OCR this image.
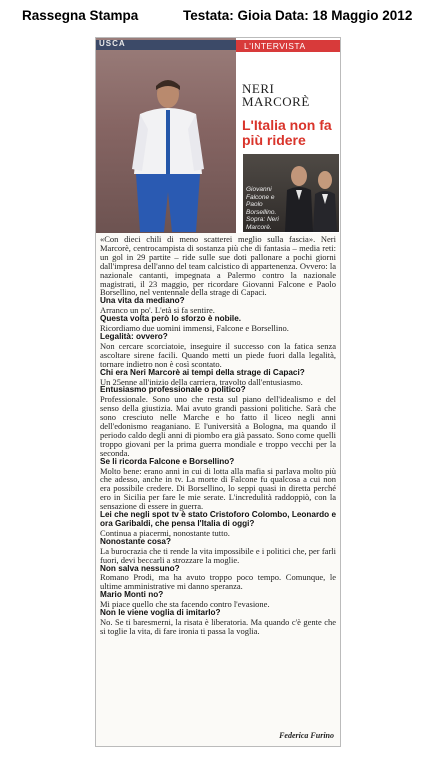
Rassegna Stampa	Testata: Gioia Data: 18 Maggio 2012
USCA	L'INTERVISTA
NERI
MARCORÈ
L'Italia non fa più ridere
Giovanni Falcone e Paolo Borsellino. Sopra: Neri Marcorè.

«Con dieci chili di meno scatterei meglio sulla fascia». Neri Marcorè, centrocampista di sostanza più che di fantasia – media reti: un gol in 29 partite – ride sulle sue doti pallonare a pochi giorni dall'impresa dell'anno del team calcistico di appartenenza. Ovvero: la nazionale cantanti, impegnata a Palermo contro la nazionale magistrati, il 23 maggio, per ricordare Giovanni Falcone e Paolo Borsellino, nel ventennale della strage di Capaci.

Una vita da mediano?

Arranco un po'. L'età si fa sentire.

Questa volta però lo sforzo è nobile.

Ricordiamo due uomini immensi, Falcone e Borsellino.

Legalità: ovvero?

Non cercare scorciatoie, inseguire il successo con la fatica senza ascoltare sirene facili. Quando metti un piede fuori dalla legalità, tornare indietro non è così scontato.

Chi era Neri Marcorè ai tempi della strage di Capaci?

Un 25enne all'inizio della carriera, travolto dall'entusiasmo.

Entusiasmo professionale o politico?

Professionale. Sono uno che resta sul piano dell'idealismo e del senso della giustizia. Mai avuto grandi passioni politiche. Sarà che sono cresciuto nelle Marche e ho fatto il liceo negli anni dell'edonismo reaganiano. E l'università a Bologna, ma quando il periodo caldo degli anni di piombo era già passato. Sono come quelli troppo giovani per la prima guerra mondiale e troppo vecchi per la seconda.

Se li ricorda Falcone e Borsellino?

Molto bene: erano anni in cui di lotta alla mafia si parlava molto più che adesso, anche in tv. La morte di Falcone fu qualcosa a cui non era possibile credere. Di Borsellino, lo seppi quasi in diretta perché ero in Sicilia per fare le mie serate. L'incredulità raddoppiò, con la sensazione di essere in guerra.

Lei che negli spot tv è stato Cristoforo Colombo, Leonardo e ora Garibaldi, che pensa l'Italia di oggi?

Continua a piacermi, nonostante tutto.

Nonostante cosa?

La burocrazia che ti rende la vita impossibile e i politici che, per farli fuori, devi beccarli a strozzare la moglie.

Non salva nessuno?

Romano Prodi, ma ha avuto troppo poco tempo. Comunque, le ultime amministrative mi danno speranza.

Mario Monti no?

Mi piace quello che sta facendo contro l'evasione.

Non le viene voglia di imitarlo?

No. Se ti baresmerni, la risata è liberatoria. Ma quando c'è gente che si toglie la vita, di fare ironia ti passa la voglia.

Federica Furino
